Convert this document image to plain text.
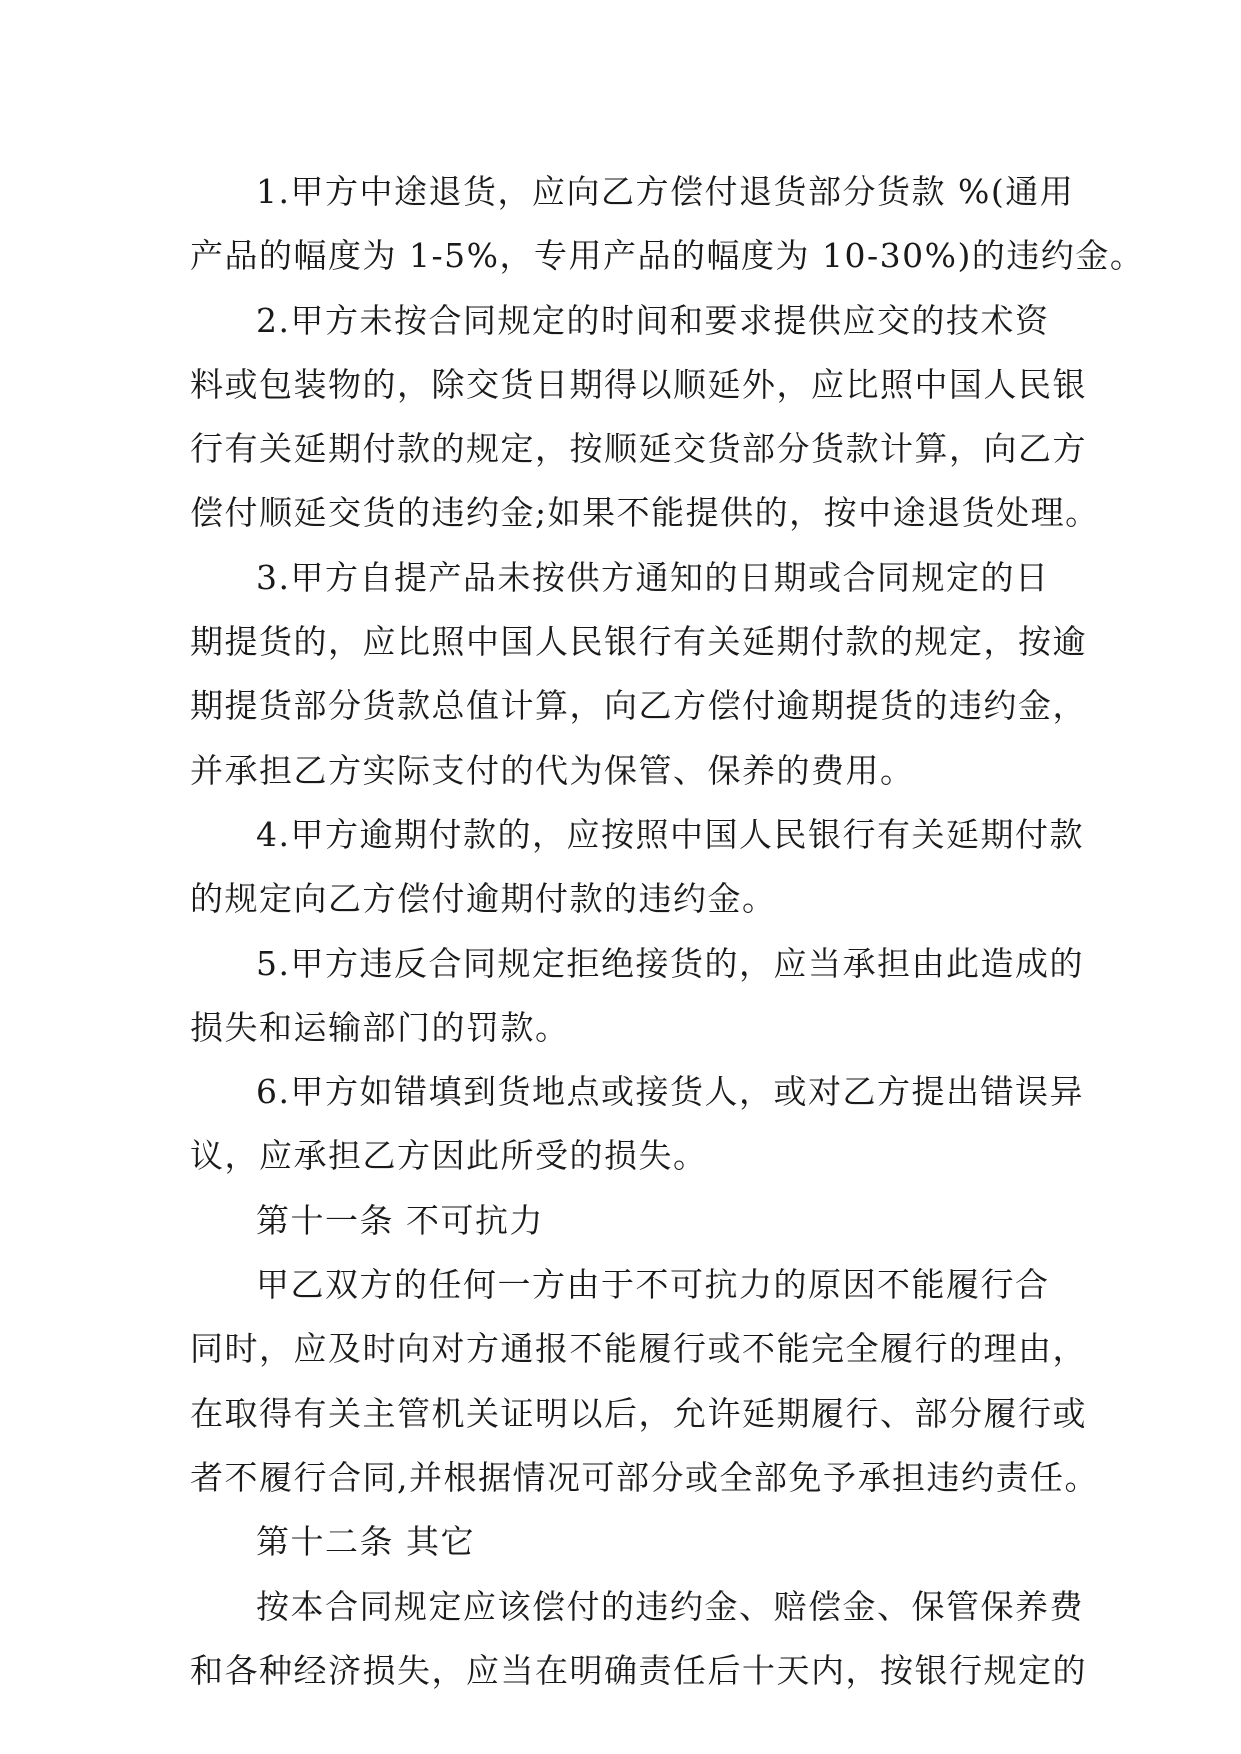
1.甲方中途退货，应向乙方偿付退货部分货款 %(通用
产品的幅度为 1-5%，专用产品的幅度为 10-30%)的违约金。

2.甲方未按合同规定的时间和要求提供应交的技术资
料或包装物的，除交货日期得以顺延外，应比照中国人民银
行有关延期付款的规定，按顺延交货部分货款计算，向乙方
偿付顺延交货的违约金;如果不能提供的，按中途退货处理。

3.甲方自提产品未按供方通知的日期或合同规定的日
期提货的，应比照中国人民银行有关延期付款的规定，按逾
期提货部分货款总值计算，向乙方偿付逾期提货的违约金，
并承担乙方实际支付的代为保管、保养的费用。

4.甲方逾期付款的，应按照中国人民银行有关延期付款
的规定向乙方偿付逾期付款的违约金。

5.甲方违反合同规定拒绝接货的，应当承担由此造成的
损失和运输部门的罚款。

6.甲方如错填到货地点或接货人，或对乙方提出错误异
议，应承担乙方因此所受的损失。

第十一条 不可抗力

甲乙双方的任何一方由于不可抗力的原因不能履行合
同时，应及时向对方通报不能履行或不能完全履行的理由，
在取得有关主管机关证明以后，允许延期履行、部分履行或
者不履行合同,并根据情况可部分或全部免予承担违约责任。

第十二条 其它

按本合同规定应该偿付的违约金、赔偿金、保管保养费
和各种经济损失，应当在明确责任后十天内，按银行规定的
